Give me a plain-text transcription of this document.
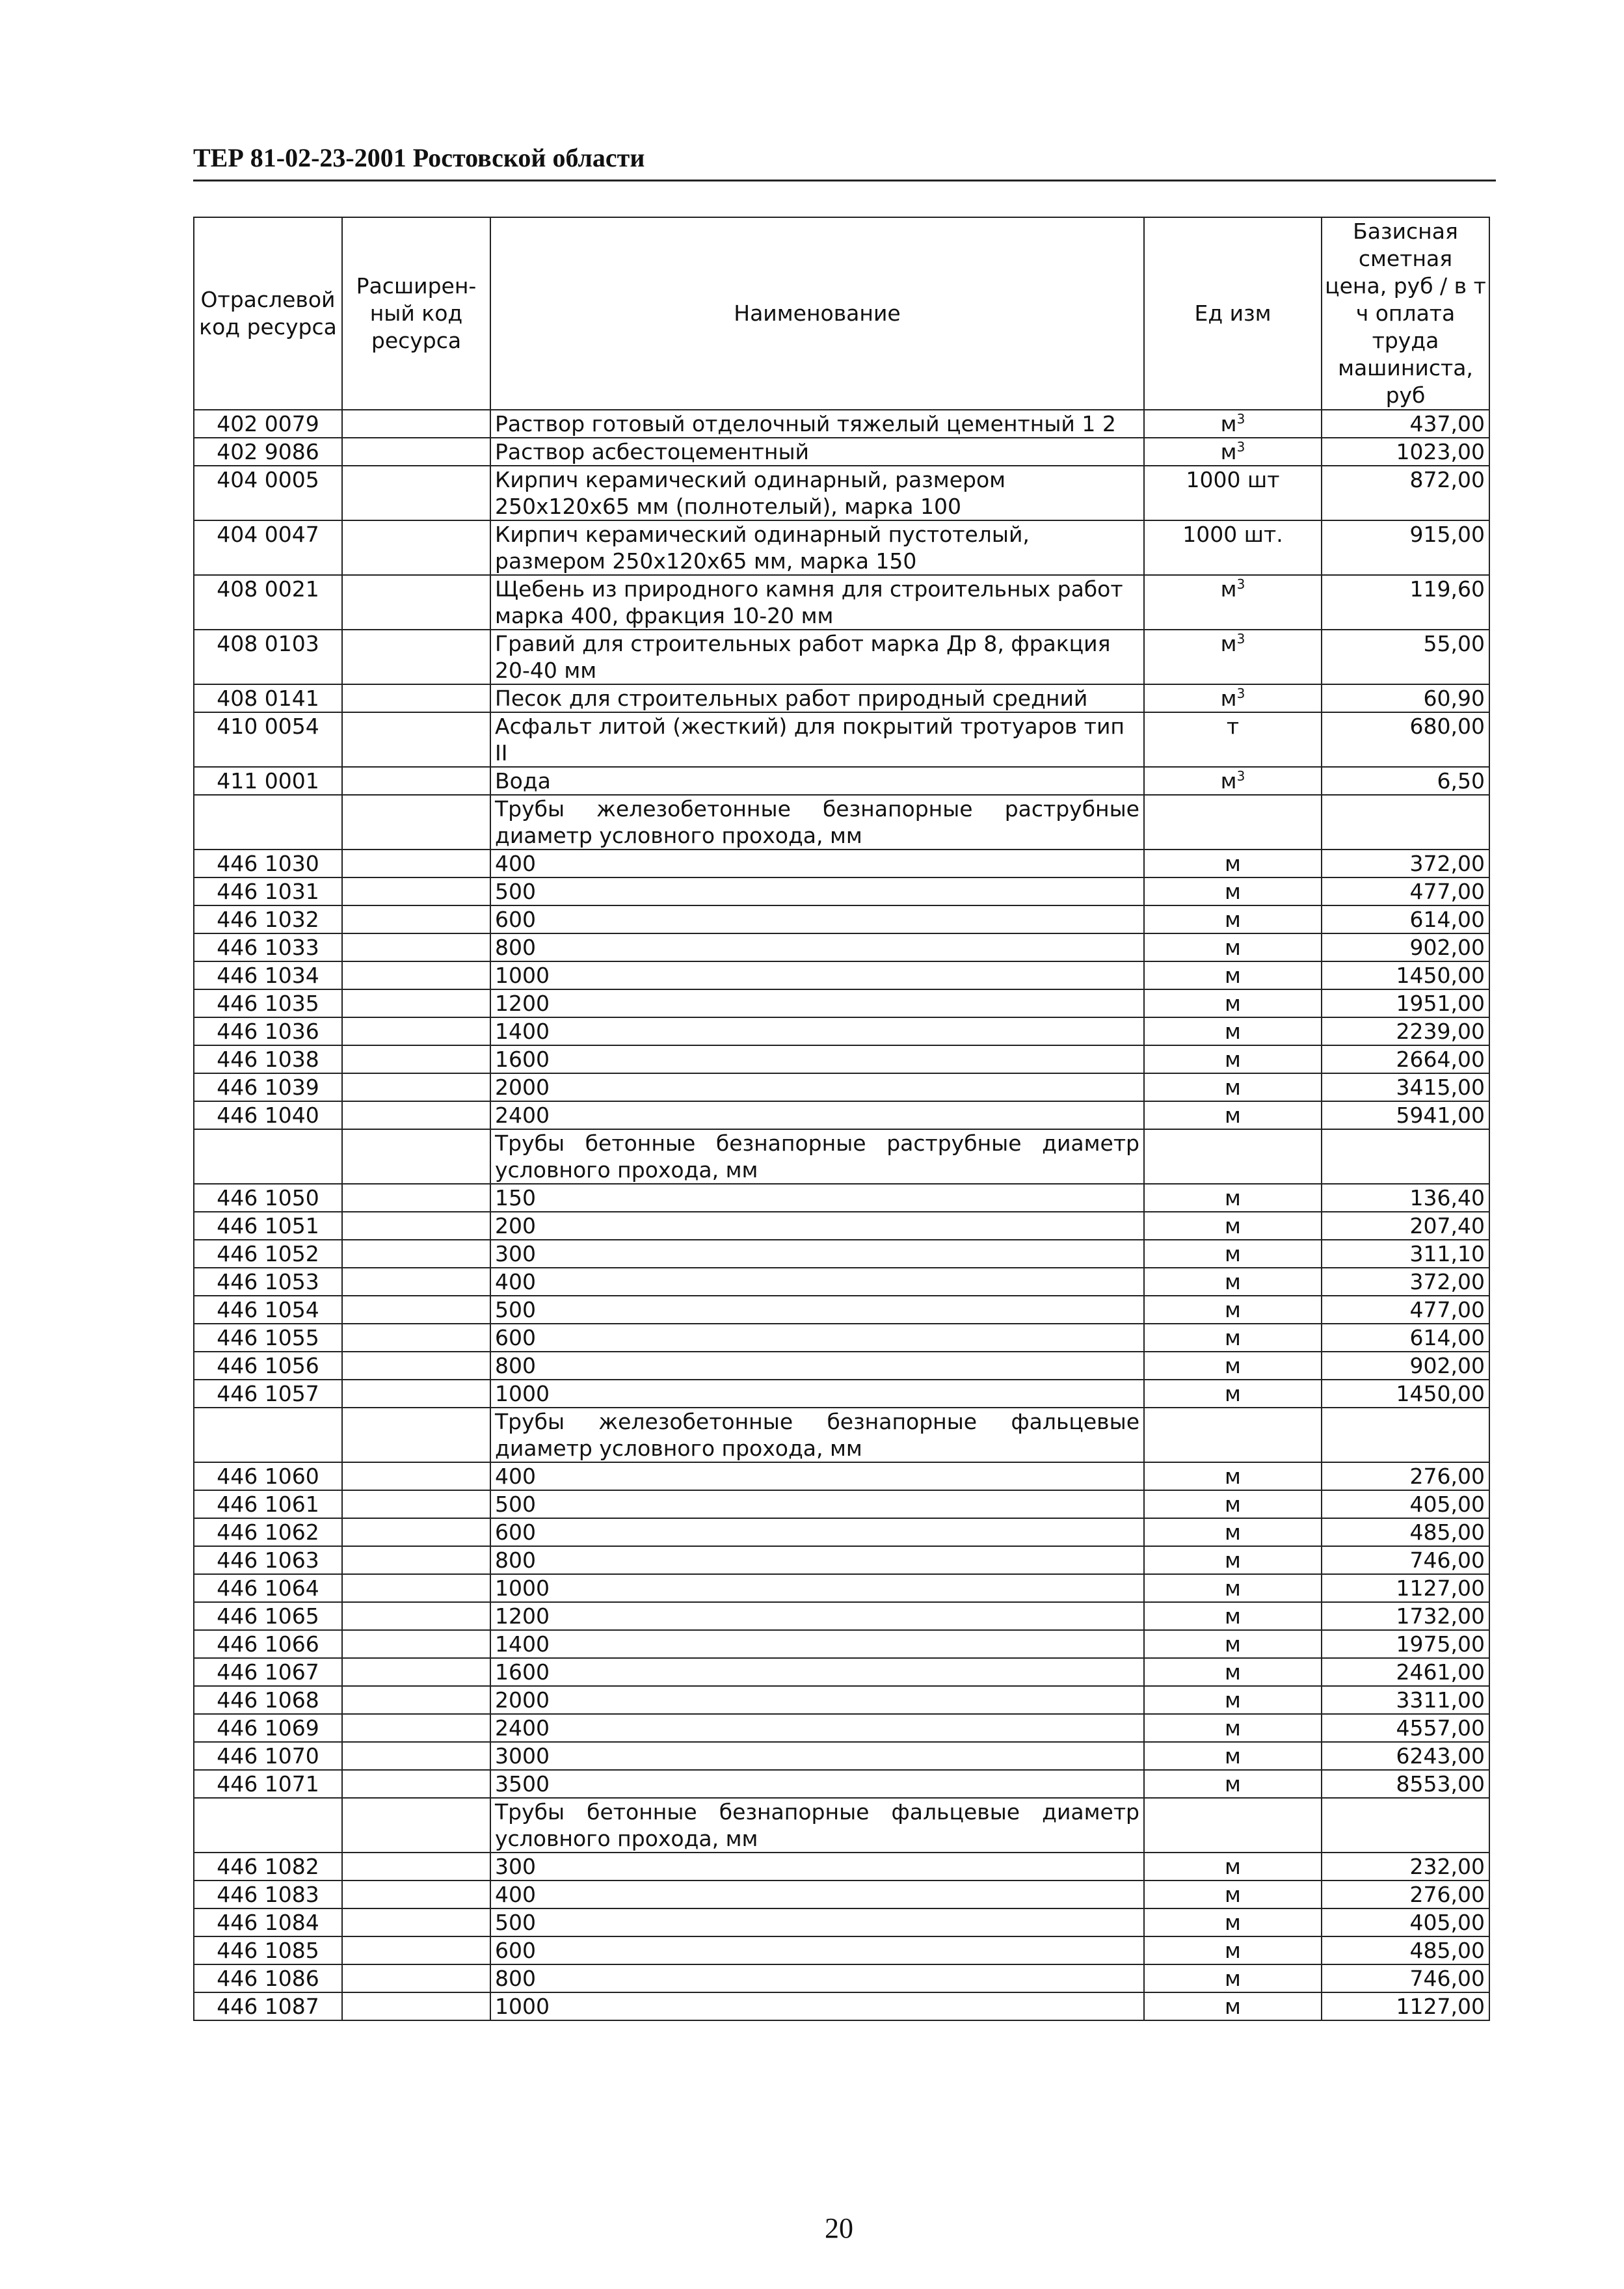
ТЕР 81-02-23-2001 Ростовской области
Отраслевой код ресурса	Расширен-ный код ресурса	Наименование	Ед изм	Базисная сметная цена, руб / в т ч оплата труда машиниста, руб
402 0079		Раствор готовый отделочный тяжелый цементный 1 2	$м^3$	437,00
402 9086		Раствор асбестоцементный	$м^3$	1023,00
404 0005		Кирпич керамический одинарный, размером 250х120х65 мм (полнотелый), марка 100	1000 шт	872,00
404 0047		Кирпич керамический одинарный пустотелый, размером 250х120х65 мм, марка 150	1000 шт.	915,00
408 0021		Щебень из природного камня для строительных работ марка 400, фракция 10-20 мм	$м^3$	119,60
408 0103		Гравий для строительных работ марка Др 8, фракция 20-40 мм	$м^3$	55,00
408 0141		Песок для строительных работ природный средний	$м^3$	60,90
410 0054		Асфальт литой (жесткий) для покрытий тротуаров тип II	т	680,00
411 0001		Вода	$м^3$	6,50
		Трубы железобетонные безнапорные раструбные диаметр условного прохода, мм		
446 1030		400	м	372,00
446 1031		500	м	477,00
446 1032		600	м	614,00
446 1033		800	м	902,00
446 1034		1000	м	1450,00
446 1035		1200	м	1951,00
446 1036		1400	м	2239,00
446 1038		1600	м	2664,00
446 1039		2000	м	3415,00
446 1040		2400	м	5941,00
		Трубы бетонные безнапорные раструбные диаметр условного прохода, мм		
446 1050		150	м	136,40
446 1051		200	м	207,40
446 1052		300	м	311,10
446 1053		400	м	372,00
446 1054		500	м	477,00
446 1055		600	м	614,00
446 1056		800	м	902,00
446 1057		1000	м	1450,00
		Трубы железобетонные безнапорные фальцевые диаметр условного прохода, мм		
446 1060		400	м	276,00
446 1061		500	м	405,00
446 1062		600	м	485,00
446 1063		800	м	746,00
446 1064		1000	м	1127,00
446 1065		1200	м	1732,00
446 1066		1400	м	1975,00
446 1067		1600	м	2461,00
446 1068		2000	м	3311,00
446 1069		2400	м	4557,00
446 1070		3000	м	6243,00
446 1071		3500	м	8553,00
		Трубы бетонные безнапорные фальцевые диаметр условного прохода, мм		
446 1082		300	м	232,00
446 1083		400	м	276,00
446 1084		500	м	405,00
446 1085		600	м	485,00
446 1086		800	м	746,00
446 1087		1000	м	1127,00
20
